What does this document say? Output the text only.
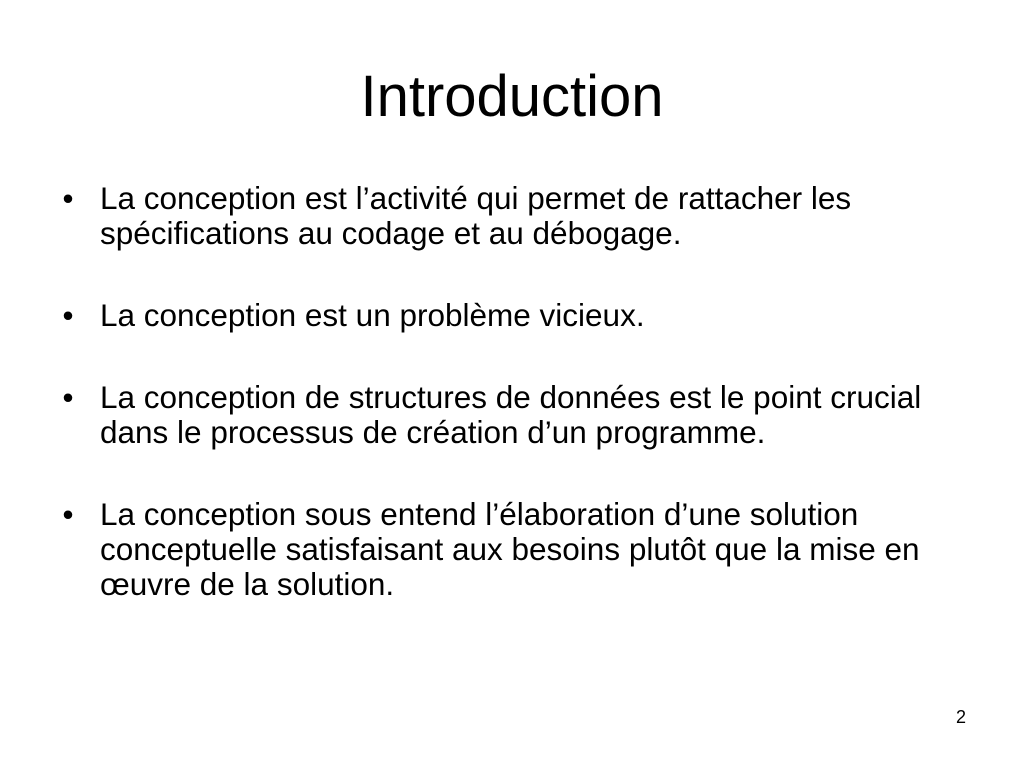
Introduction
• La conception est l’activité qui permet de rattacher les spécifications au codage et au débogage.
• La conception est un problème vicieux.
• La conception de structures de données est le point crucial dans le processus de création d’un programme.
• La conception sous entend l’élaboration d’une solution conceptuelle satisfaisant aux besoins plutôt que la mise en œuvre de la solution.
2
